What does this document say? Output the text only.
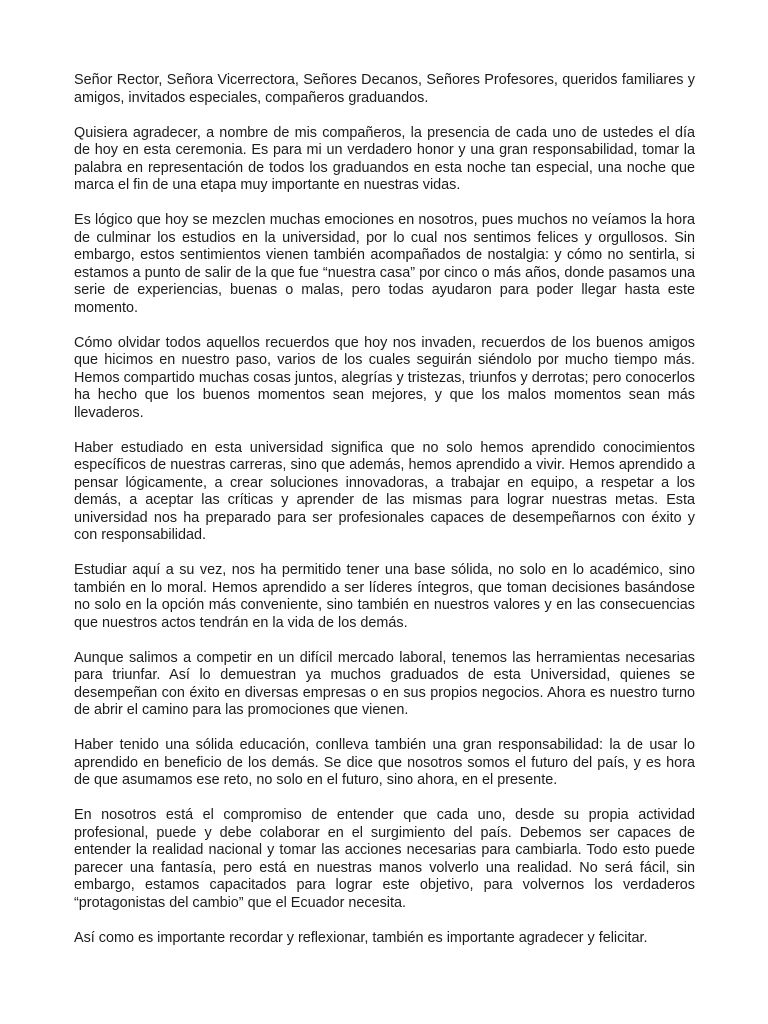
Señor Rector, Señora Vicerrectora, Señores Decanos, Señores Profesores, queridos familiares y amigos, invitados especiales, compañeros graduandos.

Quisiera agradecer, a nombre de mis compañeros, la presencia de cada uno de ustedes el día de hoy en esta ceremonia. Es para mi un verdadero honor y una gran responsabilidad, tomar la palabra en representación de todos los graduandos en esta noche tan especial, una noche que marca el fin de una etapa muy importante en nuestras vidas.

Es lógico que hoy se mezclen muchas emociones en nosotros, pues muchos no veíamos la hora de culminar los estudios en la universidad, por lo cual nos sentimos felices y orgullosos. Sin embargo, estos sentimientos vienen también acompañados de nostalgia: y cómo no sentirla, si estamos a punto de salir de la que fue “nuestra casa” por cinco o más años, donde pasamos una serie de experiencias, buenas o malas, pero todas ayudaron para poder llegar hasta este momento.

Cómo olvidar todos aquellos recuerdos que hoy nos invaden, recuerdos de los buenos amigos que hicimos en nuestro paso, varios de los cuales seguirán siéndolo por mucho tiempo más. Hemos compartido muchas cosas juntos, alegrías y tristezas, triunfos y derrotas; pero conocerlos ha hecho que los buenos momentos sean mejores, y que los malos momentos sean más llevaderos.

Haber estudiado en esta universidad significa que no solo hemos aprendido conocimientos específicos de nuestras carreras, sino que además, hemos aprendido a vivir. Hemos aprendido a pensar lógicamente, a crear soluciones innovadoras, a trabajar en equipo, a respetar a los demás, a aceptar las críticas y aprender de las mismas para lograr nuestras metas. Esta universidad nos ha preparado para ser profesionales capaces de desempeñarnos con éxito y con responsabilidad.

Estudiar aquí a su vez, nos ha permitido tener una base sólida, no solo en lo académico, sino también en lo moral. Hemos aprendido a ser líderes íntegros, que toman decisiones basándose no solo en la opción más conveniente, sino también en nuestros valores y en las consecuencias que nuestros actos tendrán en la vida de los demás.

Aunque salimos a competir en un difícil mercado laboral, tenemos las herramientas necesarias para triunfar. Así lo demuestran ya muchos graduados de esta Universidad, quienes se desempeñan con éxito en diversas empresas o en sus propios negocios. Ahora es nuestro turno de abrir el camino para las promociones que vienen.

Haber tenido una sólida educación, conlleva también una gran responsabilidad: la de usar lo aprendido en beneficio de los demás. Se dice que nosotros somos el futuro del país, y es hora de que asumamos ese reto, no solo en el futuro, sino ahora, en el presente.

En nosotros está el compromiso de entender que cada uno, desde su propia actividad profesional, puede y debe colaborar en el surgimiento del país. Debemos ser capaces de entender la realidad nacional y tomar las acciones necesarias para cambiarla. Todo esto puede parecer una fantasía, pero está en nuestras manos volverlo una realidad. No será fácil, sin embargo, estamos capacitados para lograr este objetivo, para volvernos los verdaderos “protagonistas del cambio” que el Ecuador necesita.

Así como es importante recordar y reflexionar, también es importante agradecer y felicitar.
